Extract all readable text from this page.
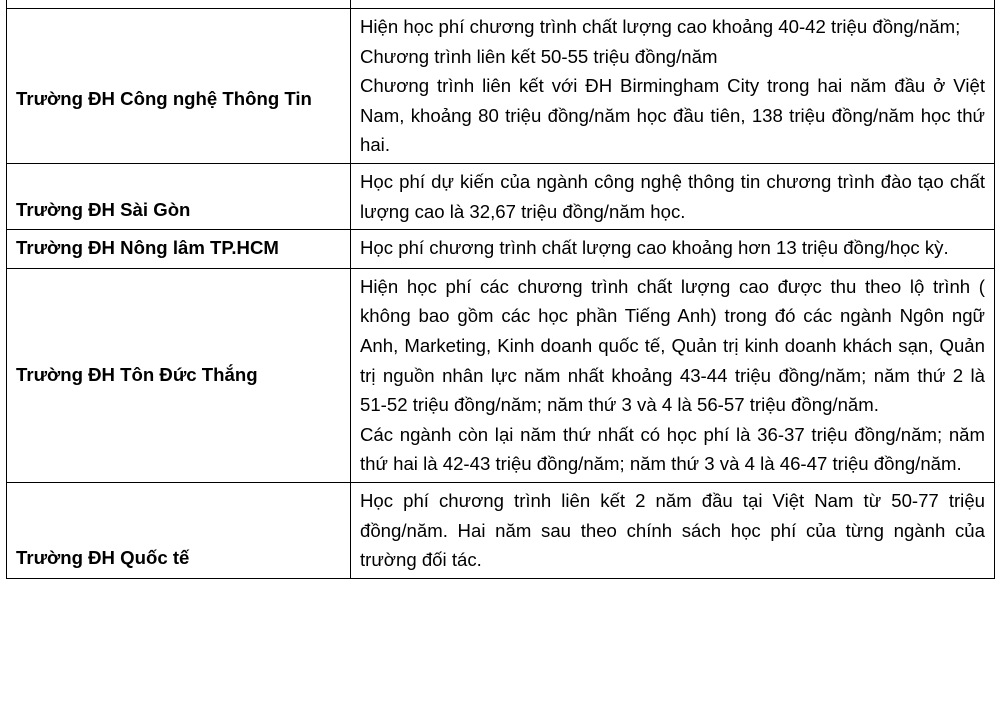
Trường ĐH Công nghệ Thông Tin	Hiện học phí chương trình chất lượng cao khoảng 40-42 triệu đồng/năm;

Chương trình liên kết 50-55 triệu đồng/năm

Chương trình liên kết với ĐH Birmingham City trong hai năm đầu ở Việt Nam, khoảng 80 triệu đồng/năm học đầu tiên, 138 triệu đồng/năm học thứ hai.

Trường ĐH Sài Gòn	Học phí dự kiến của ngành công nghệ thông tin chương trình đào tạo chất lượng cao là 32,67 triệu đồng/năm học.

Trường ĐH Nông lâm TP.HCM	Học phí chương trình chất lượng cao khoảng hơn 13 triệu đồng/học kỳ.

Trường ĐH Tôn Đức Thắng	Hiện học phí các chương trình chất lượng cao được thu theo lộ trình ( không bao gồm các học phần Tiếng Anh) trong đó các ngành Ngôn ngữ Anh, Marketing, Kinh doanh quốc tế, Quản trị kinh doanh khách sạn, Quản trị nguồn nhân lực năm nhất khoảng 43-44 triệu đồng/năm; năm thứ 2 là 51-52 triệu đồng/năm; năm thứ 3 và 4 là 56-57 triệu đồng/năm.

Các ngành còn lại năm thứ nhất có học phí là 36-37 triệu đồng/năm; năm thứ hai là 42-43 triệu đồng/năm; năm thứ 3 và 4 là 46-47 triệu đồng/năm.

Trường ĐH Quốc tế	Học phí chương trình liên kết 2 năm đầu tại Việt Nam từ 50-77 triệu đồng/năm. Hai năm sau theo chính sách học phí của từng ngành của trường đối tác.
